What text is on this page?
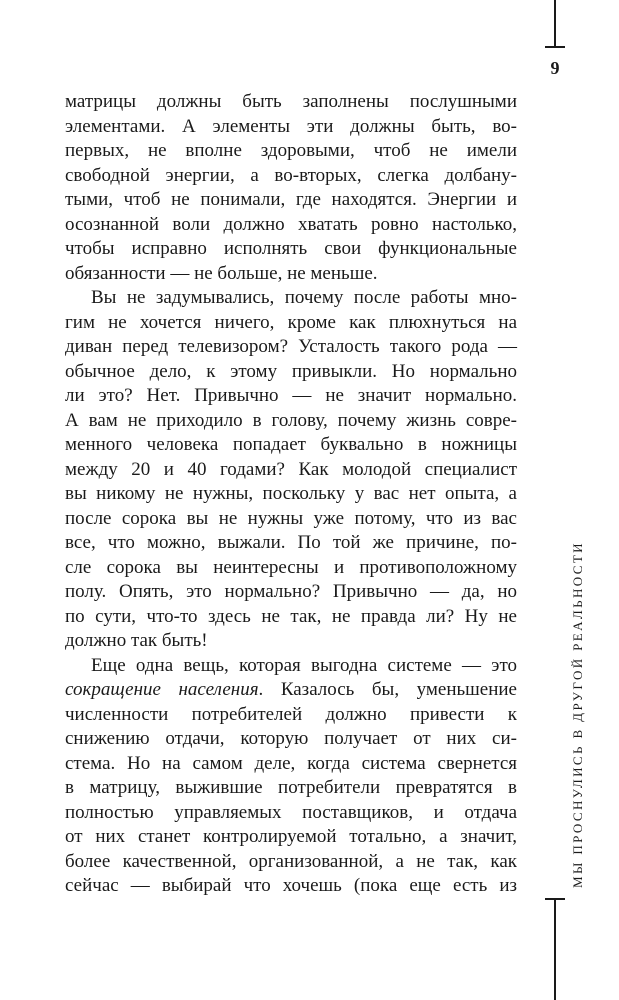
9
МЫ ПРОСНУЛИСЬ В ДРУГОЙ РЕАЛЬНОСТИ

матрицы должны быть заполнены послушными
элементами. А элементы эти должны быть, во-
первых, не вполне здоровыми, чтоб не имели
свободной энергии, а во-вторых, слегка долбану-
тыми, чтоб не понимали, где находятся. Энергии и
осознанной воли должно хватать ровно настолько,
чтобы исправно исполнять свои функциональные
обязанности — не больше, не меньше.

Вы не задумывались, почему после работы мно-
гим не хочется ничего, кроме как плюхнуться на
диван перед телевизором? Усталость такого рода —
обычное дело, к этому привыкли. Но нормально
ли это? Нет. Привычно — не значит нормально.
А вам не приходило в голову, почему жизнь совре-
менного человека попадает буквально в ножницы
между 20 и 40 годами? Как молодой специалист
вы никому не нужны, поскольку у вас нет опыта, а
после сорока вы не нужны уже потому, что из вас
все, что можно, выжали. По той же причине, по-
сле сорока вы неинтересны и противоположному
полу. Опять, это нормально? Привычно — да, но
по сути, что-то здесь не так, не правда ли? Ну не
должно так быть!

Еще одна вещь, которая выгодна системе — это
сокращение населения. Казалось бы, уменьшение
численности потребителей должно привести к
снижению отдачи, которую получает от них си-
стема. Но на самом деле, когда система свернется
в матрицу, выжившие потребители превратятся в
полностью управляемых поставщиков, и отдача
от них станет контролируемой тотально, а значит,
более качественной, организованной, а не так, как
сейчас — выбирай что хочешь (пока еще есть из
